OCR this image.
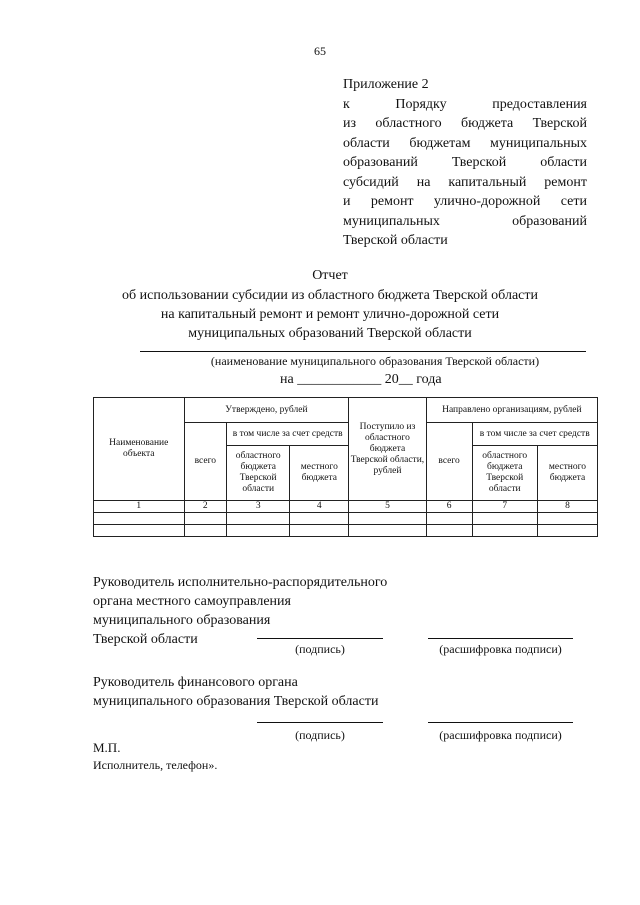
65
Приложение 2
к Порядку предоставления
из областного бюджета Тверской
области бюджетам муниципальных
образований Тверской области
субсидий на капитальный ремонт
и ремонт улично-дорожной сети
муниципальных образований
Тверской области
Отчет
об использовании субсидии из областного бюджета Тверской области
на капитальный ремонт и ремонт улично-дорожной сети
муниципальных образований Тверской области
(наименование муниципального образования Тверской области)
на ____________ 20__ года
Наименование объекта	Утверждено, рублей			Поступило из областного бюджета Тверской области, рублей	Направлено организациям, рублей		
	всего	в том числе за счет средств			всего	в том числе за счет средств	
		областного бюджета Тверской области	местного бюджета			областного бюджета Тверской области	местного бюджета
1	2	3	4	5	6	7	8

Руководитель исполнительно-распорядительного
органа местного самоуправления
муниципального образования
Тверской области
(подпись)	(расшифровка подписи)
Руководитель финансового органа
муниципального образования Тверской области
(подпись)	(расшифровка подписи)
М.П.
Исполнитель, телефон».
